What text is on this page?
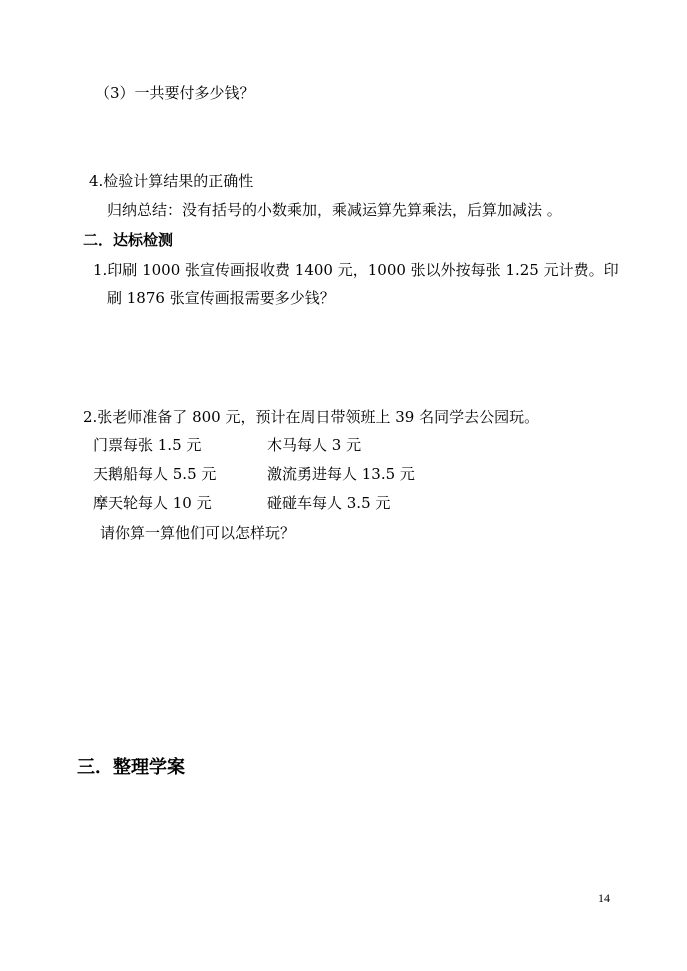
（3）一共要付多少钱？
4.检验计算结果的正确性
归纳总结：没有括号的小数乘加，乘减运算先算乘法，后算加减法 。
二．达标检测
1.印刷 1000 张宣传画报收费 1400 元，1000 张以外按每张 1.25 元计费。印
刷 1876 张宣传画报需要多少钱？
2.张老师准备了 800 元，预计在周日带领班上 39 名同学去公园玩。
门票每张 1.5 元	木马每人 3 元
天鹅船每人 5.5 元	激流勇进每人 13.5 元
摩天轮每人 10 元	碰碰车每人 3.5 元
请你算一算他们可以怎样玩？
三．整理学案
14
